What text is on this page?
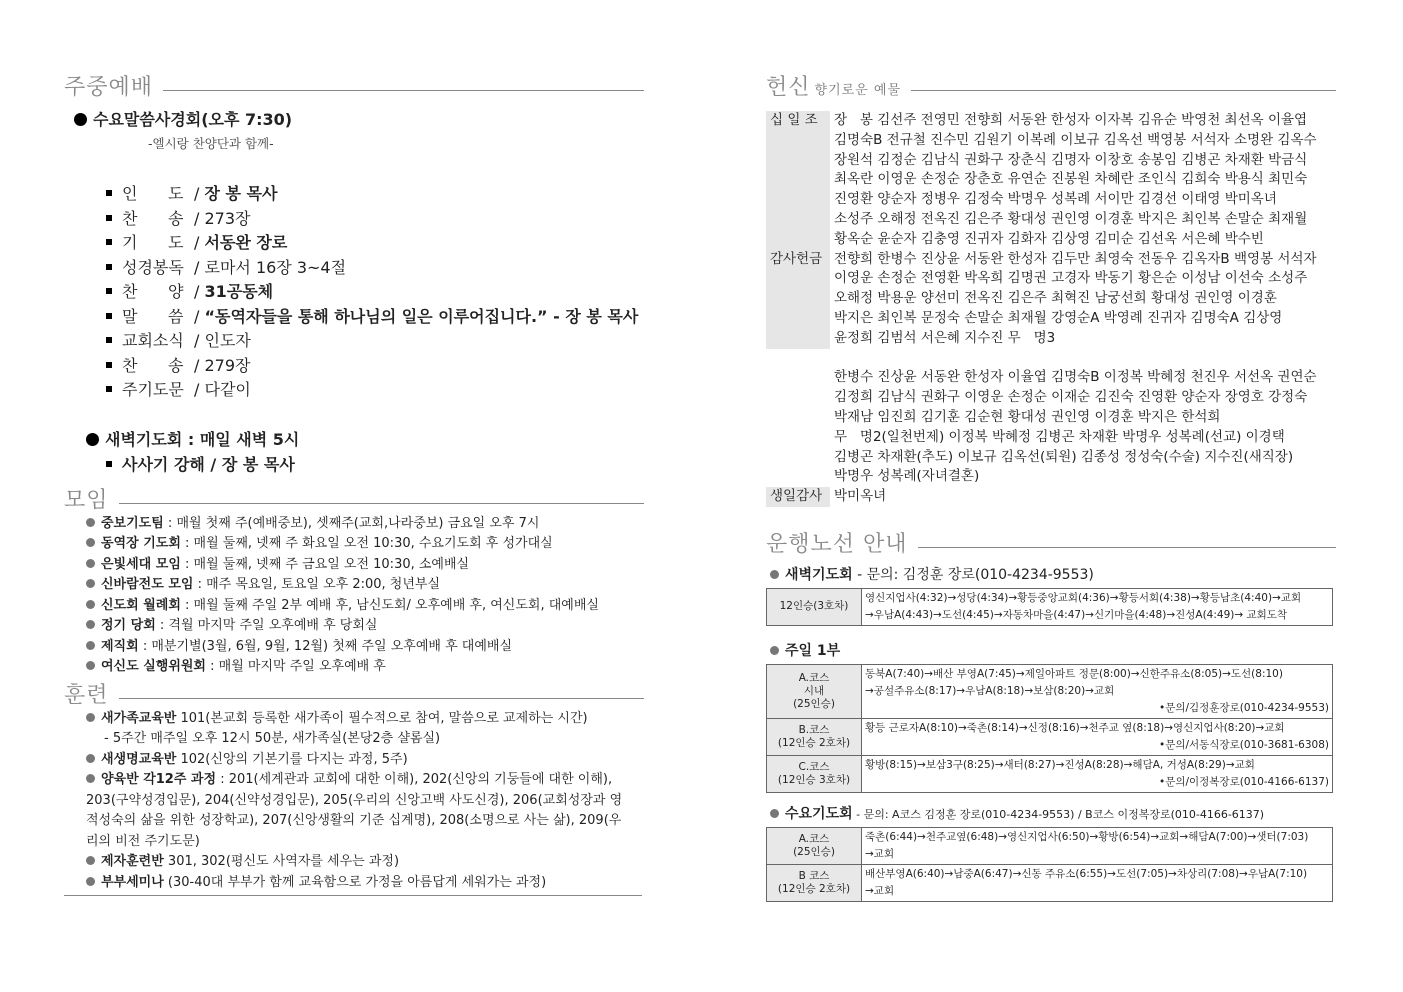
주중예배
수요말씀사경회(오후 7:30)
-엘시랑 찬양단과 함께-
인      도 / 장 봉 목사
찬      송 / 273장
기      도 / 서동완 장로
성경봉독 / 로마서 16장 3~4절
찬      양 / 31공동체
말      씀 / “동역자들을 통해 하나님의 일은 이루어집니다.” - 장 봉 목사
교회소식 / 인도자
찬      송 / 279장
주기도문 / 다같이
새벽기도회 : 매일 새벽 5시
사사기 강해 / 장 봉 목사
모임
중보기도팀 : 매월 첫째 주(예배중보), 셋째주(교회,나라중보) 금요일 오후 7시
동역장 기도회 : 매월 둘째, 넷째 주 화요일 오전 10:30, 수요기도회 후 성가대실
은빛세대 모임 : 매월 둘째, 넷째 주 금요일 오전 10:30, 소예배실
신바람전도 모임 : 매주 목요일, 토요일 오후 2:00, 청년부실
신도회 월례회 : 매월 둘째 주일 2부 예배 후, 남신도회/ 오후예배 후, 여신도회, 대예배실
정기 당회 : 격월 마지막 주일 오후예배 후 당회실
제직회 : 매분기별(3월, 6월, 9월, 12월) 첫째 주일 오후예배 후 대예배실
여신도 실행위원회 : 매월 마지막 주일 오후예배 후
훈련
새가족교육반 101(본교회 등록한 새가족이 필수적으로 참여, 말씀으로 교제하는 시간)
- 5주간 매주일 오후 12시 50분, 새가족실(본당2층 샬롬실)
새생명교육반 102(신앙의 기본기를 다지는 과정, 5주)
양육반 각12주 과정 : 201(세계관과 교회에 대한 이해), 202(신앙의 기둥들에 대한 이해), 203(구약성경입문), 204(신약성경입문), 205(우리의 신앙고백 사도신경), 206(교회성장과 영적성숙의 삶을 위한 성장학교), 207(신앙생활의 기준 십계명), 208(소명으로 사는 삶), 209(우리의 비전 주기도문)
제자훈련반 301, 302(평신도 사역자를 세우는 과정)
부부세미나 (30-40대 부부가 함께 교육함으로 가정을 아름답게 세워가는 과정)
헌신 향기로운 예물
십 일 조	장   봉 김선주 전영민 전향희 서동완 한성자 이자복 김유순 박영천 최선옥 이율엽
김명숙B 전규철 진수민 김원기 이복례 이보규 김옥선 백영봉 서석자 소명완 김옥수
장원석 김정순 김남식 권화구 장춘식 김명자 이창호 송봉임 김병곤 차재환 박금식
최옥란 이영운 손정순 장춘호 유연순 진봉원 차혜란 조인식 김희숙 박용식 최민숙
진영환 양순자 정병우 김정숙 박명우 성복례 서이만 김경선 이태영 박미옥녀
소성주 오해정 전옥진 김은주 황대성 권인영 이경훈 박지은 최인복 손말순 최재월
황옥순 윤순자 김충영 진귀자 김화자 김상영 김미순 김선옥 서은혜 박수빈
감사헌금 전향희 한병수 진상윤 서동완 한성자 김두만 최영숙 전동우 김옥자B 백영봉 서석자
이영운 손정순 전영환 박옥희 김명권 고경자 박동기 황은순 이성남 이선숙 소성주
오해정 박용운 양선미 전옥진 김은주 최혁진 남궁선희 황대성 권인영 이경훈
박지은 최인복 문정숙 손말순 최재월 강영순A 박영례 진귀자 김명숙A 김상영
윤정희 김범석 서은혜 지수진 무   명3

한병수 진상윤 서동완 한성자 이율엽 김명숙B 이정복 박혜정 천진우 서선옥 권연순
김정희 김남식 권화구 이영운 손정순 이재순 김진숙 진영환 양순자 장영호 강정숙
박재남 임진희 김기훈 김순현 황대성 권인영 이경훈 박지은 한석희
무   명2(일천번제) 이정복 박혜정 김병곤 차재환 박명우 성복례(선교) 이경택
김병곤 차재환(추도) 이보규 김옥선(퇴원) 김종성 정성숙(수술) 지수진(새직장)
박명우 성복례(자녀결혼)
생일감사 박미옥녀
운행노선 안내
새벽기도회 - 문의: 김정훈 장로(010-4234-9553)
12인승(3호차)	영신지업사(4:32)→성당(4:34)→황등중앙교회(4:36)→황등서회(4:38)→황등남초(4:40)→교회
→우남A(4:43)→도선(4:45)→자동차마을(4:47)→신기마을(4:48)→진성A(4:49)→ 교회도착
주일 1부
A.코스
시내
(25인승)	동북A(7:40)→배산 부영A(7:45)→제일아파트 정문(8:00)→신한주유소(8:05)→도선(8:10)
→공설주유소(8:17)→우남A(8:18)→보삼(8:20)→교회
•문의/김정훈장로(010-4234-9553)

B.코스
(12인승 2호차)	황등 근로자A(8:10)→죽촌(8:14)→신정(8:16)→천주교 옆(8:18)→영신지업사(8:20)→교회
•문의/서동식장로(010-3681-6308)

C.코스
(12인승 3호차)	황방(8:15)→보삼3구(8:25)→새터(8:27)→진성A(8:28)→해담A, 거성A(8:29)→교회
•문의/이정복장로(010-4166-6137)
수요기도회 - 문의: A코스 김정훈 장로(010-4234-9553) / B코스 이정복장로(010-4166-6137)
A.코스
(25인승)	죽촌(6:44)→천주교옆(6:48)→영신지업사(6:50)→황방(6:54)→교회→해담A(7:00)→샛터(7:03)
→교회
B 코스
(12인승 2호차)	배산부영A(6:40)→남중A(6:47)→신동 주유소(6:55)→도선(7:05)→차상리(7:08)→우남A(7:10)
→교회
